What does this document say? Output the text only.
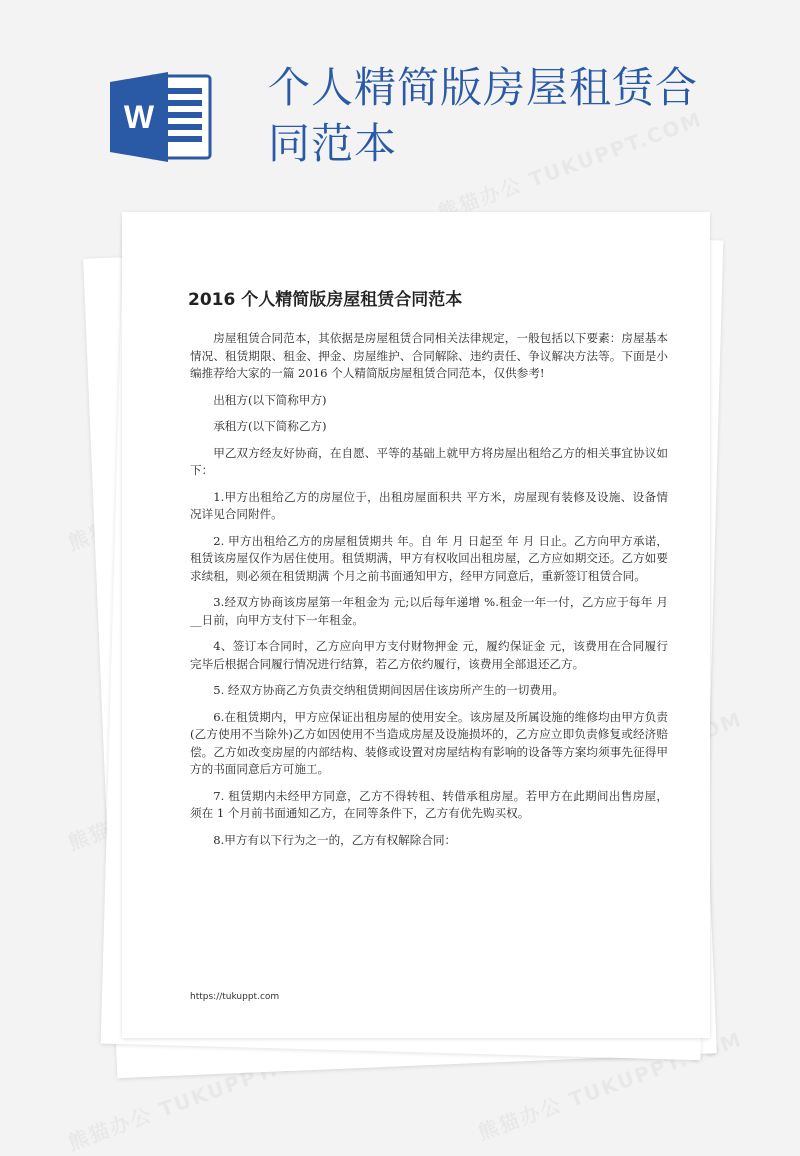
W
个人精简版房屋租赁合
同范本
2016 个人精简版房屋租赁合同范本

房屋租赁合同范本，其依据是房屋租赁合同相关法律规定，一般包括以下要素：房屋基本情况、租赁期限、租金、押金、房屋维护、合同解除、违约责任、争议解决方法等。下面是小编推荐给大家的一篇 2016 个人精简版房屋租赁合同范本，仅供参考!

出租方(以下简称甲方)

承租方(以下简称乙方)

甲乙双方经友好协商，在自愿、平等的基础上就甲方将房屋出租给乙方的相关事宜协议如下：

1.甲方出租给乙方的房屋位于，出租房屋面积共 平方米，房屋现有装修及设施、设备情况详见合同附件。

2. 甲方出租给乙方的房屋租赁期共 年。自 年 月 日起至 年 月 日止。乙方向甲方承诺，租赁该房屋仅作为居住使用。租赁期满，甲方有权收回出租房屋，乙方应如期交还。乙方如要求续租，则必须在租赁期满 个月之前书面通知甲方，经甲方同意后，重新签订租赁合同。

3.经双方协商该房屋第一年租金为 元;以后每年递增 %.租金一年一付，乙方应于每年 月__日前，向甲方支付下一年租金。

4、签订本合同时，乙方应向甲方支付财物押金 元，履约保证金 元，该费用在合同履行完毕后根据合同履行情况进行结算，若乙方依约履行，该费用全部退还乙方。

5. 经双方协商乙方负责交纳租赁期间因居住该房所产生的一切费用。

6.在租赁期内，甲方应保证出租房屋的使用安全。该房屋及所属设施的维修均由甲方负责(乙方使用不当除外)乙方如因使用不当造成房屋及设施损坏的，乙方应立即负责修复或经济赔偿。乙方如改变房屋的内部结构、装修或设置对房屋结构有影响的设备等方案均须事先征得甲方的书面同意后方可施工。

7. 租赁期内未经甲方同意，乙方不得转租、转借承租房屋。若甲方在此期间出售房屋，须在 1 个月前书面通知乙方，在同等条件下，乙方有优先购买权。

8.甲方有以下行为之一的，乙方有权解除合同：

https://tukuppt.com
